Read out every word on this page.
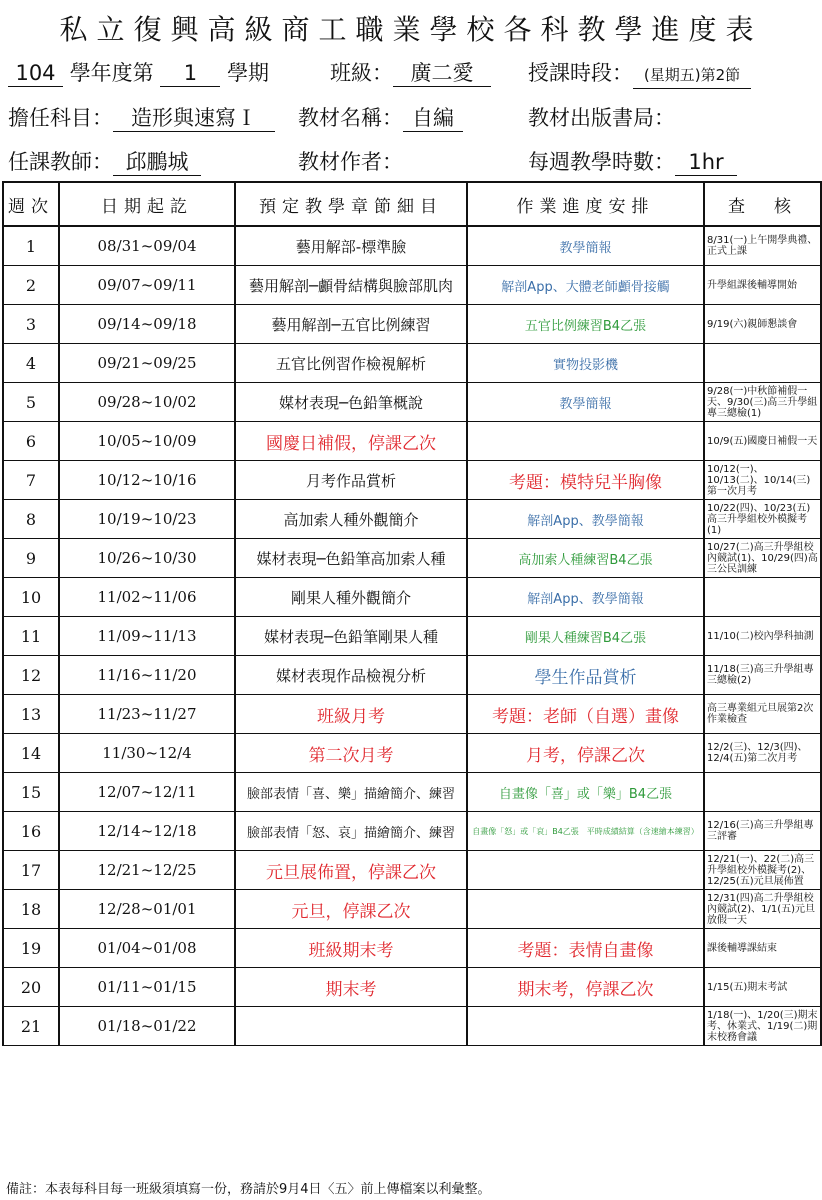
私立復興高級商工職業學校各科教學進度表
104 學年度第 1 學期	班級： 廣二愛	授課時段： (星期五)第2節
擔任科目： 造形與速寫Ｉ	教材名稱： 自編	教材出版書局：
任課教師： 邱鵬城	教材作者：	每週教學時數： 1hr
週次	日期起訖	預定教學章節細目	作業進度安排	查　核
1	08/31~09/04	藝用解部-標準臉	教學簡報	8/31(一)上午開學典禮、正式上課
2	09/07~09/11	藝用解剖─顱骨結構與臉部肌肉	解剖App、大體老師顱骨接觸	升學組課後輔導開始
3	09/14~09/18	藝用解剖─五官比例練習	五官比例練習B4乙張	9/19(六)親師懇談會
4	09/21~09/25	五官比例習作檢視解析	實物投影機	
5	09/28~10/02	媒材表現─色鉛筆概說	教學簡報	9/28(一)中秋節補假一天、9/30(三)高三升學組專三總檢(1)
6	10/05~10/09	國慶日補假，停課乙次		10/9(五)國慶日補假一天
7	10/12~10/16	月考作品賞析	考題：模特兒半胸像	10/12(一)、10/13(二)、10/14(三)第一次月考
8	10/19~10/23	高加索人種外觀簡介	解剖App、教學簡報	10/22(四)、10/23(五)高三升學組校外模擬考(1)
9	10/26~10/30	媒材表現─色鉛筆高加索人種	高加索人種練習B4乙張	10/27(二)高三升學組校內競試(1)、10/29(四)高三公民訓練
10	11/02~11/06	剛果人種外觀簡介	解剖App、教學簡報	
11	11/09~11/13	媒材表現─色鉛筆剛果人種	剛果人種練習B4乙張	11/10(二)校內學科抽測
12	11/16~11/20	媒材表現作品檢視分析	學生作品賞析	11/18(三)高三升學組專三總檢(2)
13	11/23~11/27	班級月考	考題：老師（自選）畫像	高三專業組元旦展第2次作業檢查
14	11/30~12/4	第二次月考	月考，停課乙次	12/2(三)、12/3(四)、12/4(五)第二次月考
15	12/07~12/11	臉部表情「喜、樂」描繪簡介、練習	自畫像「喜」或「樂」B4乙張	
16	12/14~12/18	臉部表情「怒、哀」描繪簡介、練習	自畫像「怒」或「哀」B4乙張　平時成績結算（含速繪本練習）	12/16(三)高三升學組專三評審
17	12/21~12/25	元旦展佈置，停課乙次		12/21(一)、22(二)高三升學組校外模擬考(2)、12/25(五)元旦展佈置
18	12/28~01/01	元旦，停課乙次		12/31(四)高二升學組校內競試(2)、1/1(五)元旦放假一天
19	01/04~01/08	班級期末考	考題：表情自畫像	課後輔導課結束
20	01/11~01/15	期末考	期末考，停課乙次	1/15(五)期末考試
21	01/18~01/22			1/18(一)、1/20(三)期末考、休業式、1/19(二)期末校務會議
備註：本表每科目每一班級須填寫一份，務請於9月4日〈五〉前上傳檔案以利彙整。
